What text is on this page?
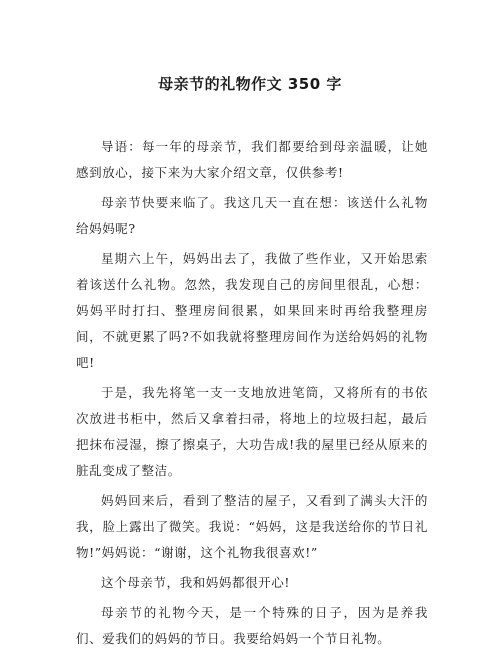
母亲节的礼物作文 350 字

导语：每一年的母亲节，我们都要给到母亲温暖，让她感到放心，接下来为大家介绍文章，仅供参考!

母亲节快要来临了。我这几天一直在想：该送什么礼物给妈妈呢?

星期六上午，妈妈出去了，我做了些作业，又开始思索着该送什么礼物。忽然，我发现自己的房间里很乱，心想：妈妈平时打扫、整理房间很累，如果回来时再给我整理房间，不就更累了吗?不如我就将整理房间作为送给妈妈的礼物吧!

于是，我先将笔一支一支地放进笔筒，又将所有的书依次放进书柜中，然后又拿着扫帚，将地上的垃圾扫起，最后把抹布浸湿，擦了擦桌子，大功告成!我的屋里已经从原来的脏乱变成了整洁。

妈妈回来后，看到了整洁的屋子，又看到了满头大汗的我，脸上露出了微笑。我说：“妈妈，这是我送给你的节日礼物!”妈妈说：“谢谢，这个礼物我很喜欢!”

这个母亲节，我和妈妈都很开心!

母亲节的礼物今天，是一个特殊的日子，因为是养我们、爱我们的妈妈的节日。我要给妈妈一个节日礼物。
